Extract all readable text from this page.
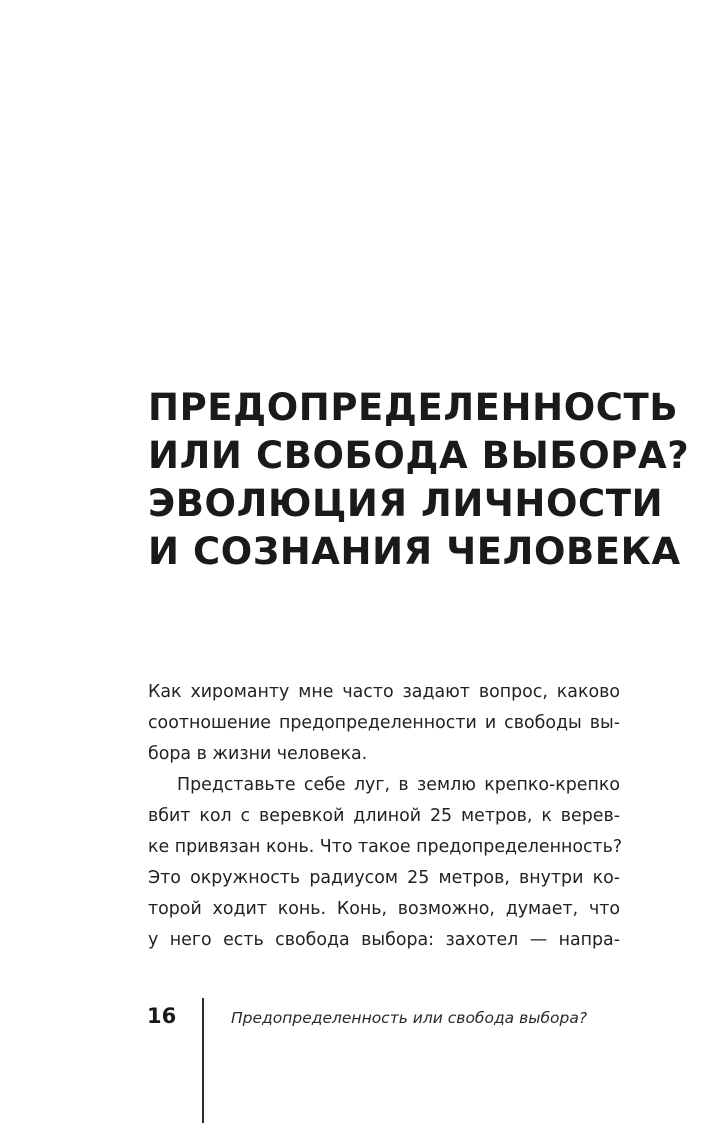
ПРЕДОПРЕДЕЛЕННОСТЬ
ИЛИ СВОБОДА ВЫБОРА?
ЭВОЛЮЦИЯ ЛИЧНОСТИ
И СОЗНАНИЯ ЧЕЛОВЕКА
Как хироманту мне часто задают вопрос, каково
соотношение предопределенности и свободы вы-
бора в жизни человека.
Представьте себе луг, в землю крепко-крепко
вбит кол с веревкой длиной 25 метров, к верев-
ке привязан конь. Что такое предопределенность?
Это окружность радиусом 25 метров, внутри ко-
торой ходит конь. Конь, возможно, думает, что
у него есть свобода выбора: захотел — напра-
16	Предопределенность или свобода выбора?
